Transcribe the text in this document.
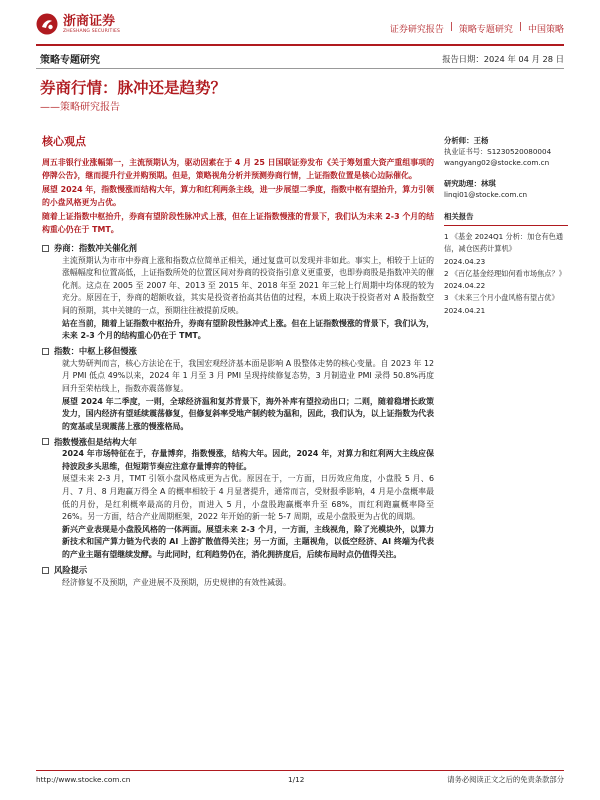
浙商证券
ZHESHANG SECURITIES	证券研究报告 | 策略专题研究 | 中国策略
策略专题研究	报告日期：2024 年 04 月 28 日
券商行情：脉冲还是趋势？
——策略研究报告
核心观点

周五非银行业涨幅第一，主流预期认为，驱动因素在于 4 月 25 日国联证券发布《关于筹划重大资产重组事项的停牌公告》，继而提升行业并购预期。但是，策略视角分析并预测券商行情，上证指数位置是核心边际催化。

展望 2024 年，指数慢涨而结构大年，算力和红利两条主线，进一步展望二季度，指数中枢有望抬升，算力引领的小盘风格更为占优。

随着上证指数中枢抬升，券商有望阶段性脉冲式上涨，但在上证指数慢涨的背景下，我们认为未来 2-3 个月的结构重心仍在于 TMT。

券商：指数冲关催化剂

主流预期认为市市中券商上涨和指数点位简单正相关，通过复盘可以发现并非如此。事实上，相较于上证的涨幅幅度和位置高低，上证指数所处的位置区间对券商的投资指引意义更重要，也即券商股是指数冲关的催化剂。这点在 2005 至 2007 年、2013 至 2015 年、2018 年至 2021 年三轮上行周期中均体现的较为充分。原因在于，券商的超额收益，其实是投资者抬高其估值的过程，本质上取决于投资者对 A 股指数空间的预期，其中关键的一点，预期往往被提前反映。

站在当前，随着上证指数中枢抬升，券商有望阶段性脉冲式上涨。但在上证指数慢涨的背景下，我们认为，未来 2-3 个月的结构重心仍在于 TMT。

指数：中枢上移但慢涨

就大势研判而言，核心方法论在于，我国宏观经济基本面是影响 A 股整体走势的核心变量。自 2023 年 12 月 PMI 低点 49%以来，2024 年 1 月至 3 月 PMI 呈现持续修复态势，3 月制造业 PMI 录得 50.8%再度回升至荣枯线上，指数亦震荡修复。

展望 2024 年二季度，一则，全球经济温和复苏背景下，海外补库有望拉动出口；二则，随着稳增长政策发力，国内经济有望延续震荡修复，但修复斜率受地产制约较为温和，因此，我们认为，以上证指数为代表的宽基或呈现震荡上涨的慢涨格局。

指数慢涨但是结构大年

2024 年市场特征在于，存量博弈，指数慢涨，结构大年。因此，2024 年，对算力和红利两大主线应保持波段多头思维，但短期节奏应注意存量博弈的特征。

展望未来 2-3 月，TMT 引领小盘风格成更为占优。原因在于，一方面，日历效应角度，小盘股 5 月、6 月、7 月、8 月跑赢万得全 A 的概率相较于 4 月显著提升，通常而言，受财报季影响，4 月是小盘概率最低的月份，是红利概率最高的月份，而进入 5 月，小盘股跑赢概率升至 68%，而红利跑赢概率降至 26%。另一方面，结合产业周期框架，2022 年开始的新一轮 5-7 周期，或是小盘股更为占优的周期。

新兴产业表现是小盘股风格的一体两面。展望未来 2-3 个月，一方面，主线视角，除了光模块外，以算力新技术和国产算力链为代表的 AI 上游扩散值得关注；另一方面，主题视角，以低空经济、AI 终端为代表的产业主题有望继续发酵。与此同时，红利趋势仍在，消化拥挤度后，后续布局时点仍值得关注。

风险提示

经济修复不及预期，产业进展不及预期，历史规律的有效性减弱。

分析师：王杨
执业证书号：S1230520080004
wangyang02@stocke.com.cn
研究助理：林琪
linqi01@stocke.com.cn
相关报告
1 《基金 2024Q1 分析：加仓有色通信，减仓医药计算机》
2024.04.23
2 《百亿基金经理如何看市场焦点？》
2024.04.22
3 《未来三个月小盘风格有望占优》
2024.04.21
http://www.stocke.com.cn	1/12	请务必阅读正文之后的免责条款部分
